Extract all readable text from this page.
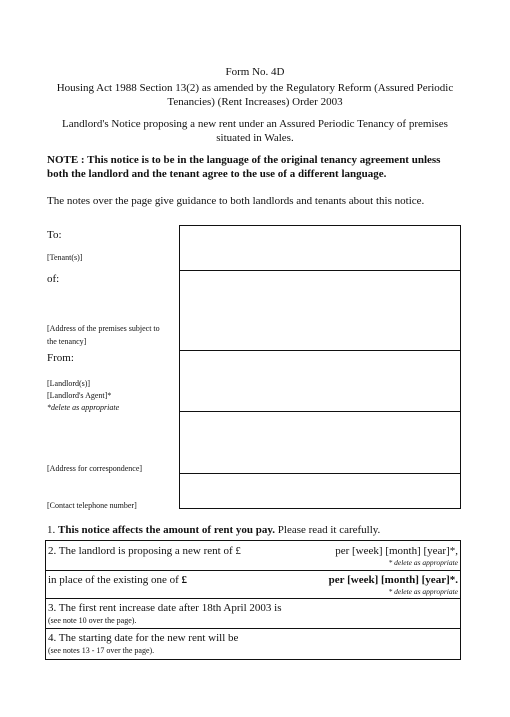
Form No. 4D
Housing Act 1988 Section 13(2) as amended by the Regulatory Reform (Assured Periodic
Tenancies) (Rent Increases) Order 2003
Landlord's Notice proposing a new rent under an Assured Periodic Tenancy of premises
situated in Wales.
NOTE : This notice is to be in the language of the original tenancy agreement unless
both the landlord and the tenant agree to the use of a different language.
The notes over the page give guidance to both landlords and tenants about this notice.
To:
[Tenant(s)]
of:
[Address of the premises subject to
the tenancy]
From:
[Landlord(s)]
[Landlord's Agent]*
*delete as appropriate
[Address for correspondence]
[Contact telephone number]
1. This notice affects the amount of rent you pay. Please read it carefully.
2. The landlord is proposing a new rent of £	per [week] [month] [year]*,
* delete as appropriate
in place of the existing one of £	per [week] [month] [year]*.
* delete as appropriate
3. The first rent increase date after 18th April 2003 is
(see note 10 over the page).
4. The starting date for the new rent will be
(see notes 13 - 17 over the page).
